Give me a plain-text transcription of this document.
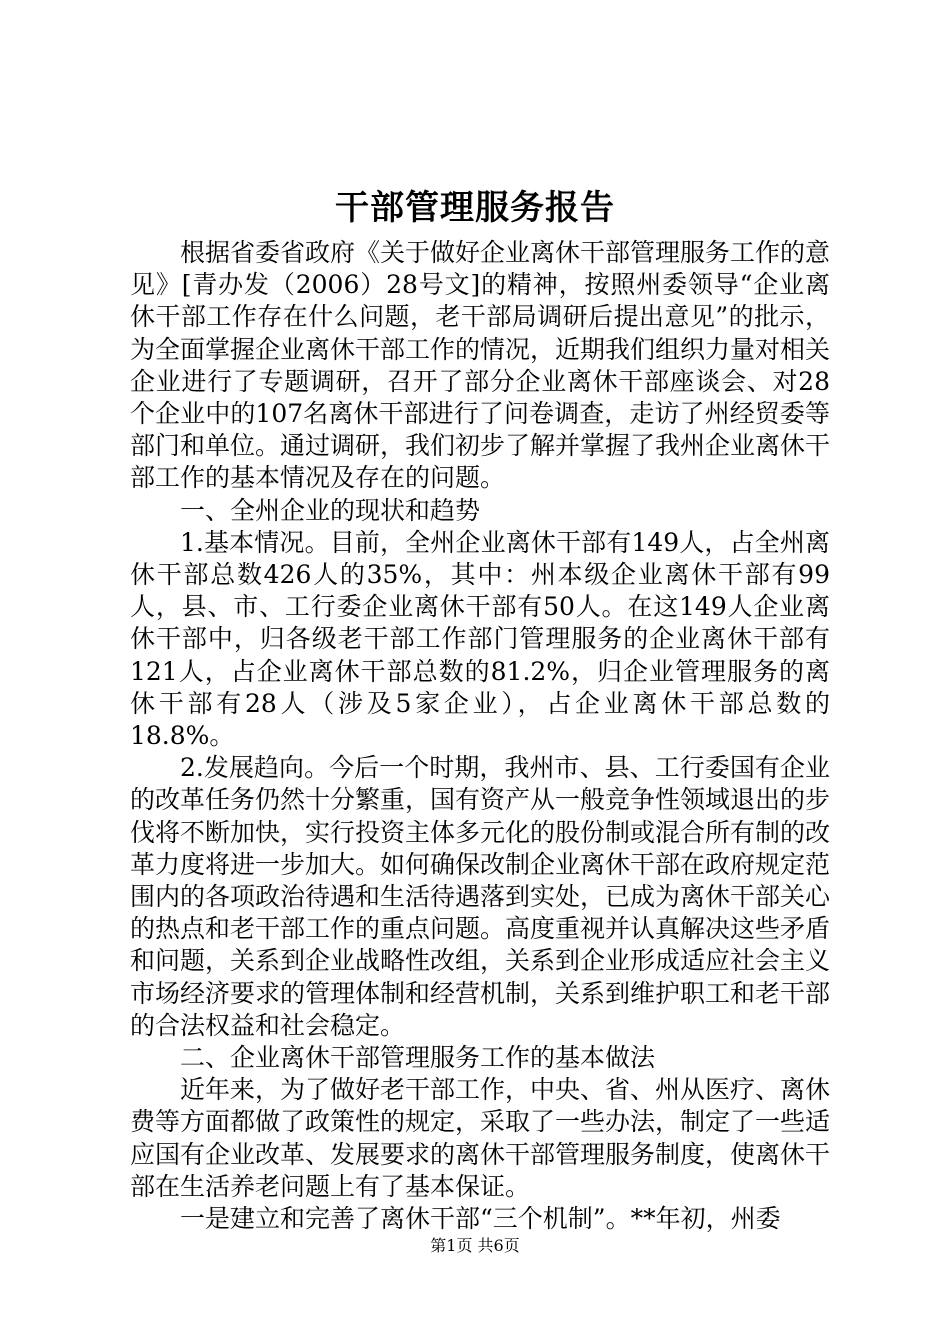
干部管理服务报告

根据省委省政府《关于做好企业离休干部管理服务工作的意见》[青办发（2006）28号文]的精神，按照州委领导“企业离休干部工作存在什么问题，老干部局调研后提出意见”的批示，为全面掌握企业离休干部工作的情况，近期我们组织力量对相关企业进行了专题调研，召开了部分企业离休干部座谈会、对28个企业中的107名离休干部进行了问卷调查，走访了州经贸委等部门和单位。通过调研，我们初步了解并掌握了我州企业离休干部工作的基本情况及存在的问题。

一、全州企业的现状和趋势

1.基本情况。目前，全州企业离休干部有149人，占全州离休干部总数426人的35%，其中：州本级企业离休干部有99人，县、市、工行委企业离休干部有50人。在这149人企业离休干部中，归各级老干部工作部门管理服务的企业离休干部有121人，占企业离休干部总数的81.2%，归企业管理服务的离休干部有28人（涉及5家企业），占企业离休干部总数的18.8%。

2.发展趋向。今后一个时期，我州市、县、工行委国有企业的改革任务仍然十分繁重，国有资产从一般竞争性领域退出的步伐将不断加快，实行投资主体多元化的股份制或混合所有制的改革力度将进一步加大。如何确保改制企业离休干部在政府规定范围内的各项政治待遇和生活待遇落到实处，已成为离休干部关心的热点和老干部工作的重点问题。高度重视并认真解决这些矛盾和问题，关系到企业战略性改组，关系到企业形成适应社会主义市场经济要求的管理体制和经营机制，关系到维护职工和老干部的合法权益和社会稳定。

二、企业离休干部管理服务工作的基本做法

近年来，为了做好老干部工作，中央、省、州从医疗、离休费等方面都做了政策性的规定，采取了一些办法，制定了一些适应国有企业改革、发展要求的离休干部管理服务制度，使离休干部在生活养老问题上有了基本保证。

一是建立和完善了离休干部“三个机制”。**年初，州委

第1页 共6页
